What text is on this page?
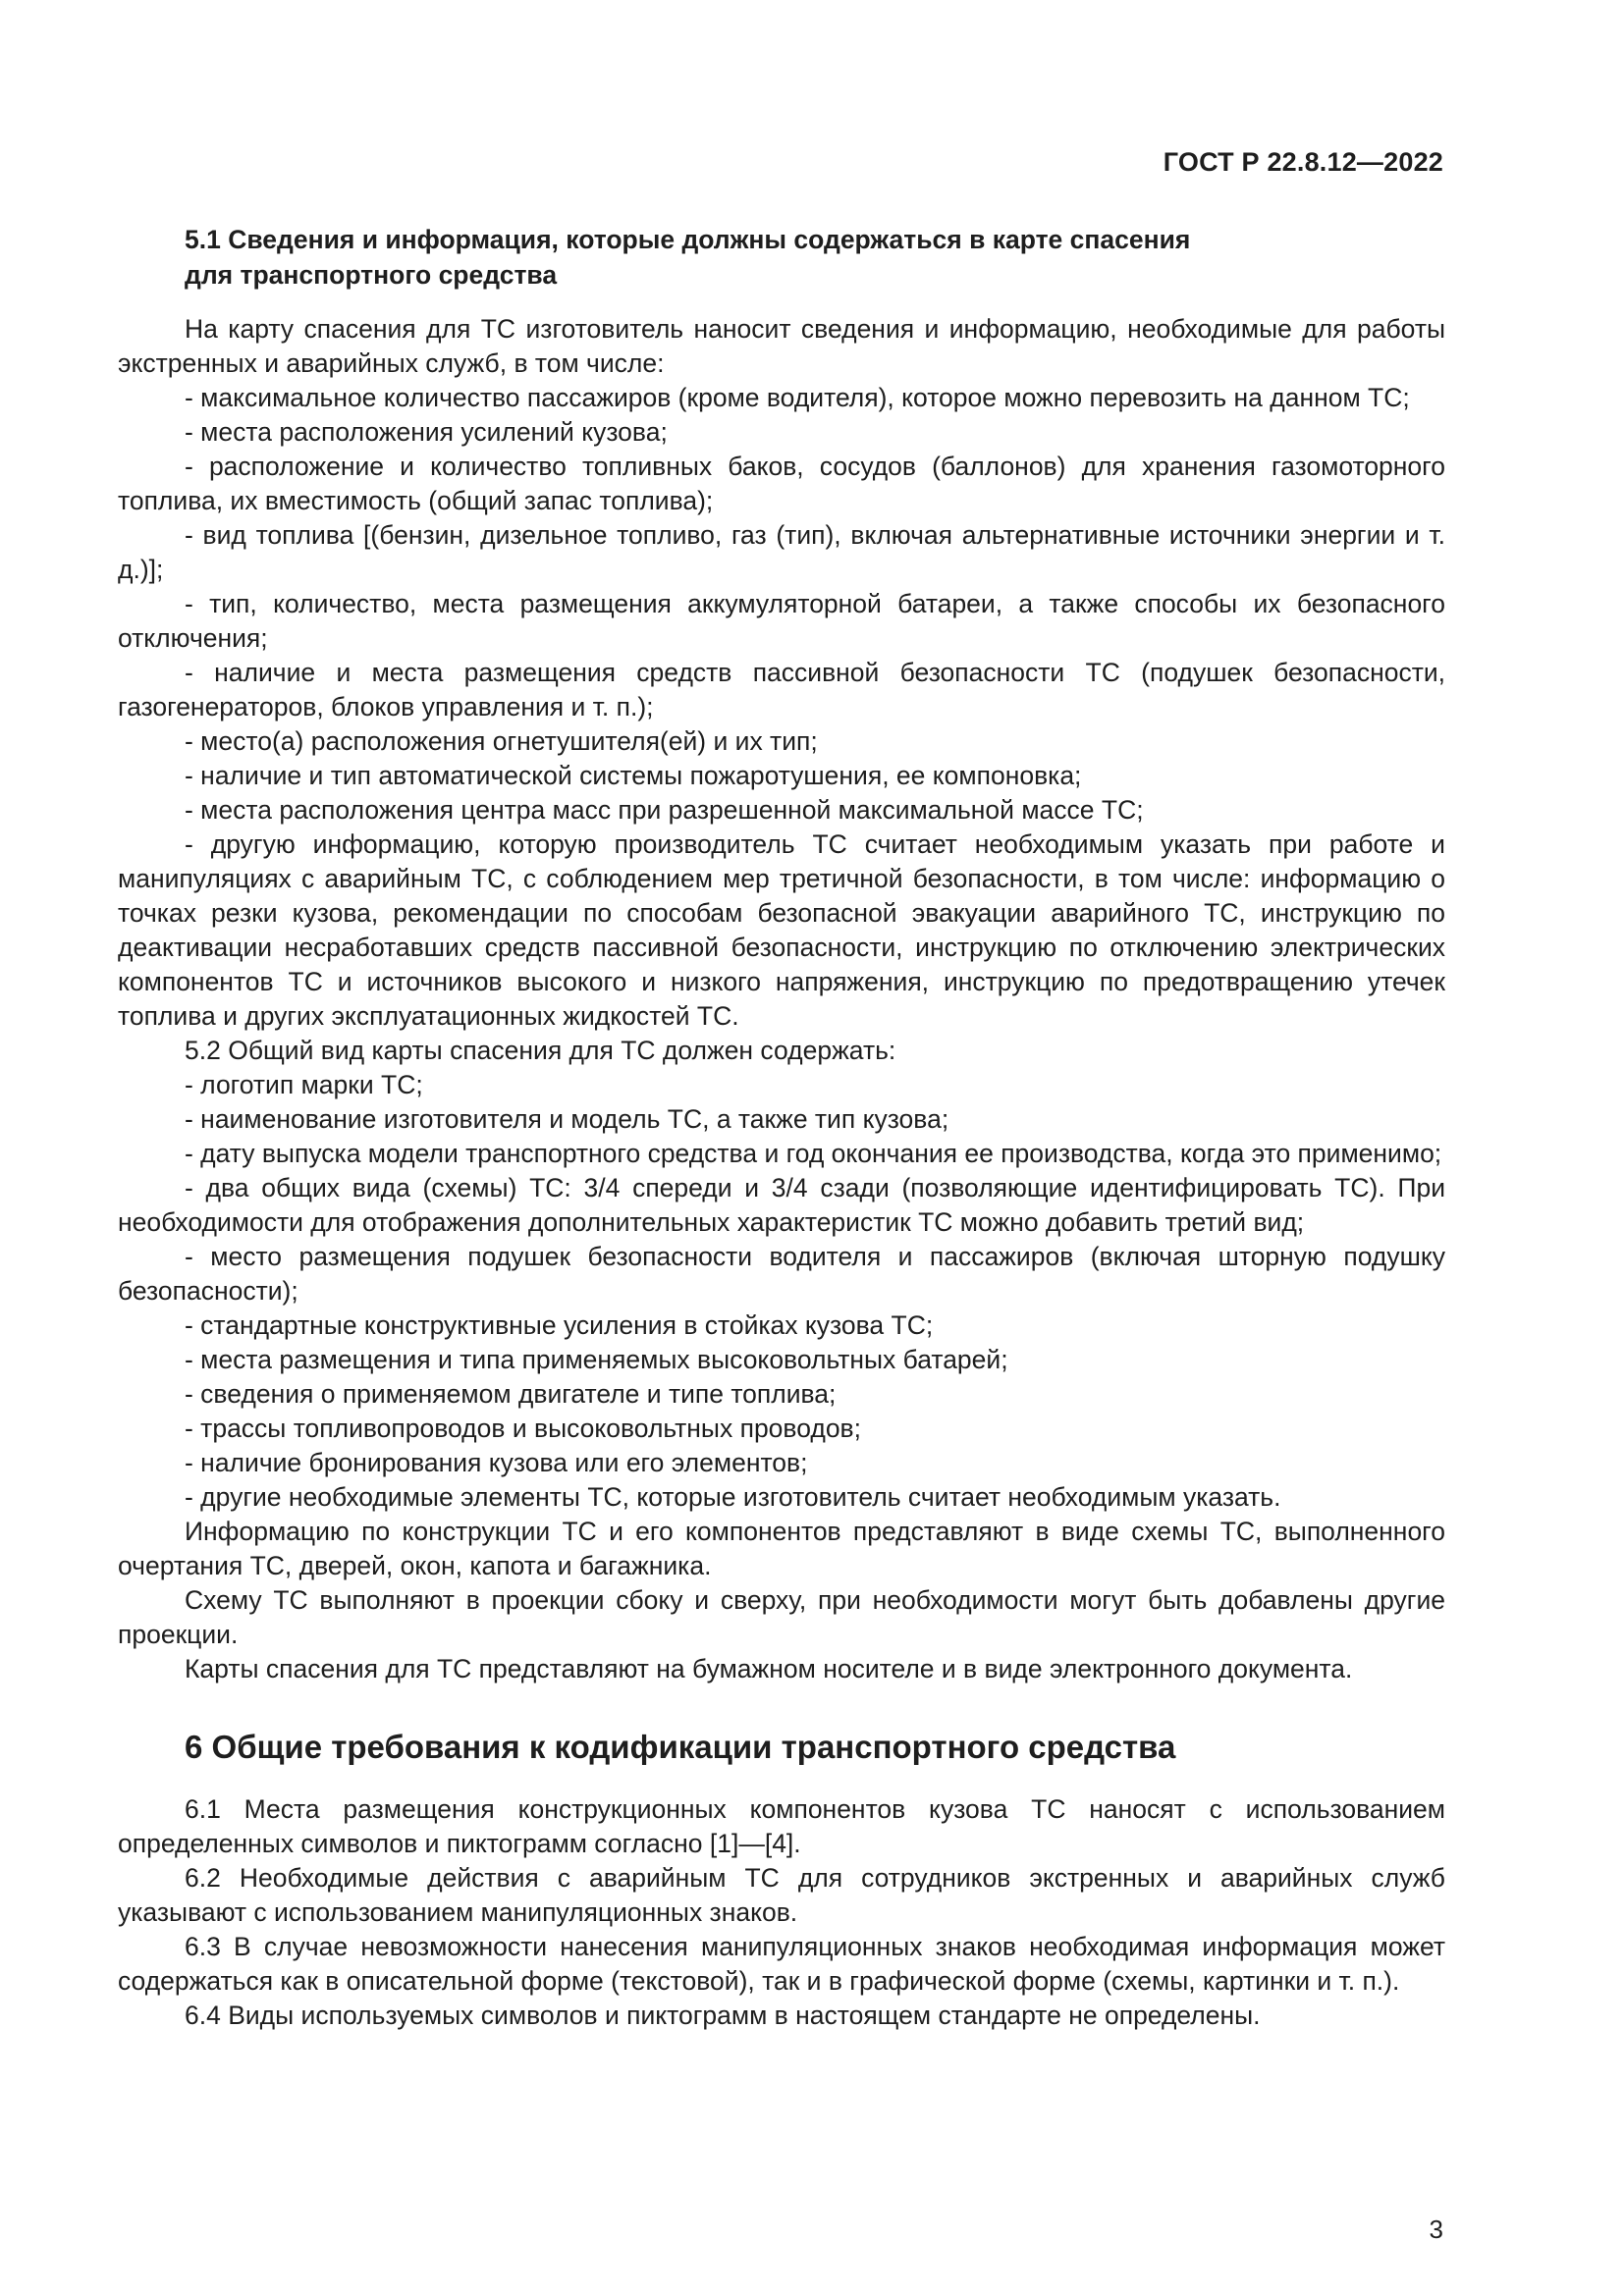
ГОСТ Р 22.8.12—2022
5.1 Сведения и информация, которые должны содержаться в карте спасения
для транспортного средства
На карту спасения для ТС изготовитель наносит сведения и информацию, необходимые для работы экстренных и аварийных служб, в том числе:
- максимальное количество пассажиров (кроме водителя), которое можно перевозить на данном ТС;
- места расположения усилений кузова;
- расположение и количество топливных баков, сосудов (баллонов) для хранения газомоторного топлива, их вместимость (общий запас топлива);
- вид топлива [(бензин, дизельное топливо, газ (тип), включая альтернативные источники энергии и т. д.)];
- тип, количество, места размещения аккумуляторной батареи, а также способы их безопасного отключения;
- наличие и места размещения средств пассивной безопасности ТС (подушек безопасности, газогенераторов, блоков управления и т. п.);
- место(а) расположения огнетушителя(ей) и их тип;
- наличие и тип автоматической системы пожаротушения, ее компоновка;
- места расположения центра масс при разрешенной максимальной массе ТС;
- другую информацию, которую производитель ТС считает необходимым указать при работе и манипуляциях с аварийным ТС, с соблюдением мер третичной безопасности, в том числе: информацию о точках резки кузова, рекомендации по способам безопасной эвакуации аварийного ТС, инструкцию по деактивации несработавших средств пассивной безопасности, инструкцию по отключению электрических компонентов ТС и источников высокого и низкого напряжения, инструкцию по предотвращению утечек топлива и других эксплуатационных жидкостей ТС.
5.2 Общий вид карты спасения для ТС должен содержать:
- логотип марки ТС;
- наименование изготовителя и модель ТС, а также тип кузова;
- дату выпуска модели транспортного средства и год окончания ее производства, когда это применимо;
- два общих вида (схемы) ТС: 3/4 спереди и 3/4 сзади (позволяющие идентифицировать ТС). При необходимости для отображения дополнительных характеристик ТС можно добавить третий вид;
- место размещения подушек безопасности водителя и пассажиров (включая шторную подушку безопасности);
- стандартные конструктивные усиления в стойках кузова ТС;
- места размещения и типа применяемых высоковольтных батарей;
- сведения о применяемом двигателе и типе топлива;
- трассы топливопроводов и высоковольтных проводов;
- наличие бронирования кузова или его элементов;
- другие необходимые элементы ТС, которые изготовитель считает необходимым указать.
Информацию по конструкции ТС и его компонентов представляют в виде схемы ТС, выполненного очертания ТС, дверей, окон, капота и багажника.
Схему ТС выполняют в проекции сбоку и сверху, при необходимости могут быть добавлены другие проекции.
Карты спасения для ТС представляют на бумажном носителе и в виде электронного документа.
6 Общие требования к кодификации транспортного средства
6.1 Места размещения конструкционных компонентов кузова ТС наносят с использованием определенных символов и пиктограмм согласно [1]—[4].
6.2 Необходимые действия с аварийным ТС для сотрудников экстренных и аварийных служб указывают с использованием манипуляционных знаков.
6.3 В случае невозможности нанесения манипуляционных знаков необходимая информация может содержаться как в описательной форме (текстовой), так и в графической форме (схемы, картинки и т. п.).
6.4 Виды используемых символов и пиктограмм в настоящем стандарте не определены.
3
